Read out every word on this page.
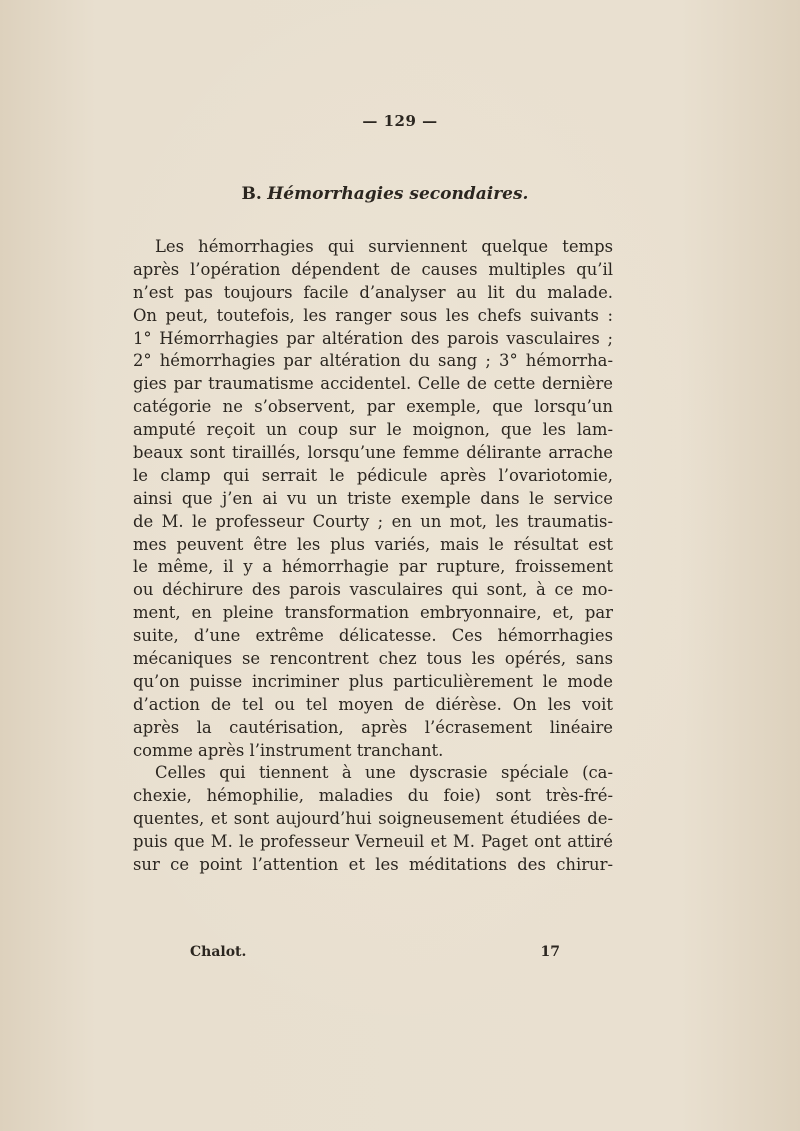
— 129 —
B. Hémorrhagies secondaires.
Les hémorrhagies qui surviennent quelque temps
après l’opération dépendent de causes multiples qu’il
n’est pas toujours facile d’analyser au lit du malade.
On peut, toutefois, les ranger sous les chefs suivants :
1° Hémorrhagies par altération des parois vasculaires ;
2° hémorrhagies par altération du sang ; 3° hémorrha-
gies par traumatisme accidentel. Celle de cette dernière
catégorie ne s’observent, par exemple, que lorsqu’un
amputé reçoit un coup sur le moignon, que les lam-
beaux sont tiraillés, lorsqu’une femme délirante arrache
le clamp qui serrait le pédicule après l’ovariotomie,
ainsi que j’en ai vu un triste exemple dans le service
de M. le professeur Courty ; en un mot, les traumatis-
mes peuvent être les plus variés, mais le résultat est
le même, il y a hémorrhagie par rupture, froissement
ou déchirure des parois vasculaires qui sont, à ce mo-
ment, en pleine transformation embryonnaire, et, par
suite, d’une extrême délicatesse. Ces hémorrhagies
mécaniques se rencontrent chez tous les opérés, sans
qu’on puisse incriminer plus particulièrement le mode
d’action de tel ou tel moyen de diérèse. On les voit
après la cautérisation, après l’écrasement linéaire
comme après l’instrument tranchant.
Celles qui tiennent à une dyscrasie spéciale (ca-
chexie, hémophilie, maladies du foie) sont très-fré-
quentes, et sont aujourd’hui soigneusement étudiées de-
puis que M. le professeur Verneuil et M. Paget ont attiré
sur ce point l’attention et les méditations des chirur-
Chalot.	17
